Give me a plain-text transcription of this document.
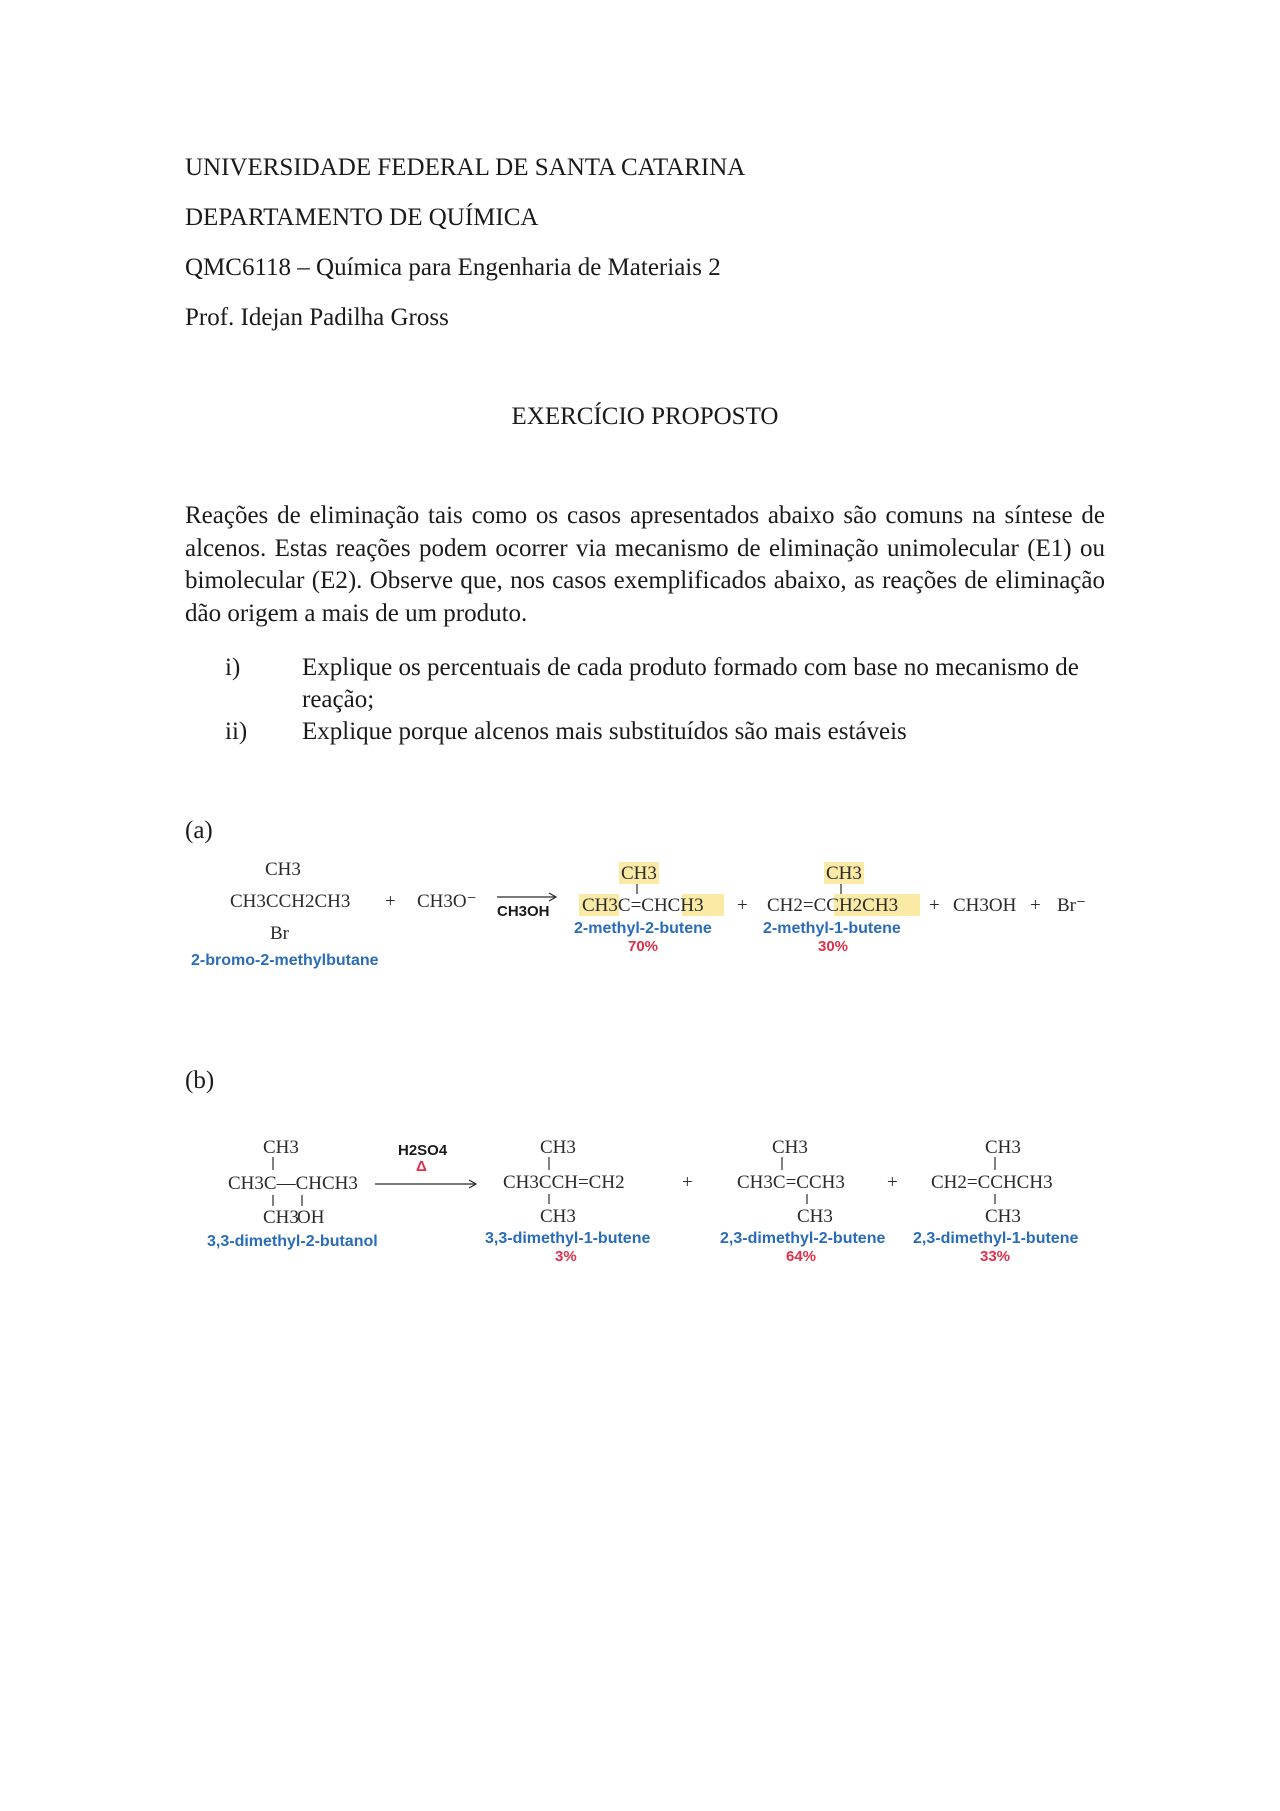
UNIVERSIDADE FEDERAL DE SANTA CATARINA
DEPARTAMENTO DE QUÍMICA
QMC6118 – Química para Engenharia de Materiais 2
Prof. Idejan Padilha Gross
EXERCÍCIO PROPOSTO
Reações de eliminação tais como os casos apresentados abaixo são comuns na síntese de alcenos. Estas reações podem ocorrer via mecanismo de eliminação unimolecular (E1) ou bimolecular (E2). Observe que, nos casos exemplificados abaixo, as reações de eliminação dão origem a mais de um produto.
i) Explique os percentuais de cada produto formado com base no mecanismo de reação;
ii) Explique porque alcenos mais substituídos são mais estáveis
(a)
CH3
CH3CCH2CH3
Br
2-bromo-2-methylbutane
+ CH3O⁻ CH3OH
CH3
CH3C=CHCH3
2-methyl-2-butene
70%
+
CH3
CH2=CCH2CH3
2-methyl-1-butene
30%
+ CH3OH + Br⁻
(b)
CH3
CH3C—CHCH3
CH3
OH
3,3-dimethyl-2-butanol
H2SO4
Δ
CH3
CH3CCH=CH2
CH3
3,3-dimethyl-1-butene
3%
+
CH3
CH3C=CCH3
CH3
2,3-dimethyl-2-butene
64%
+
CH3
CH2=CCHCH3
CH3
2,3-dimethyl-1-butene
33%
